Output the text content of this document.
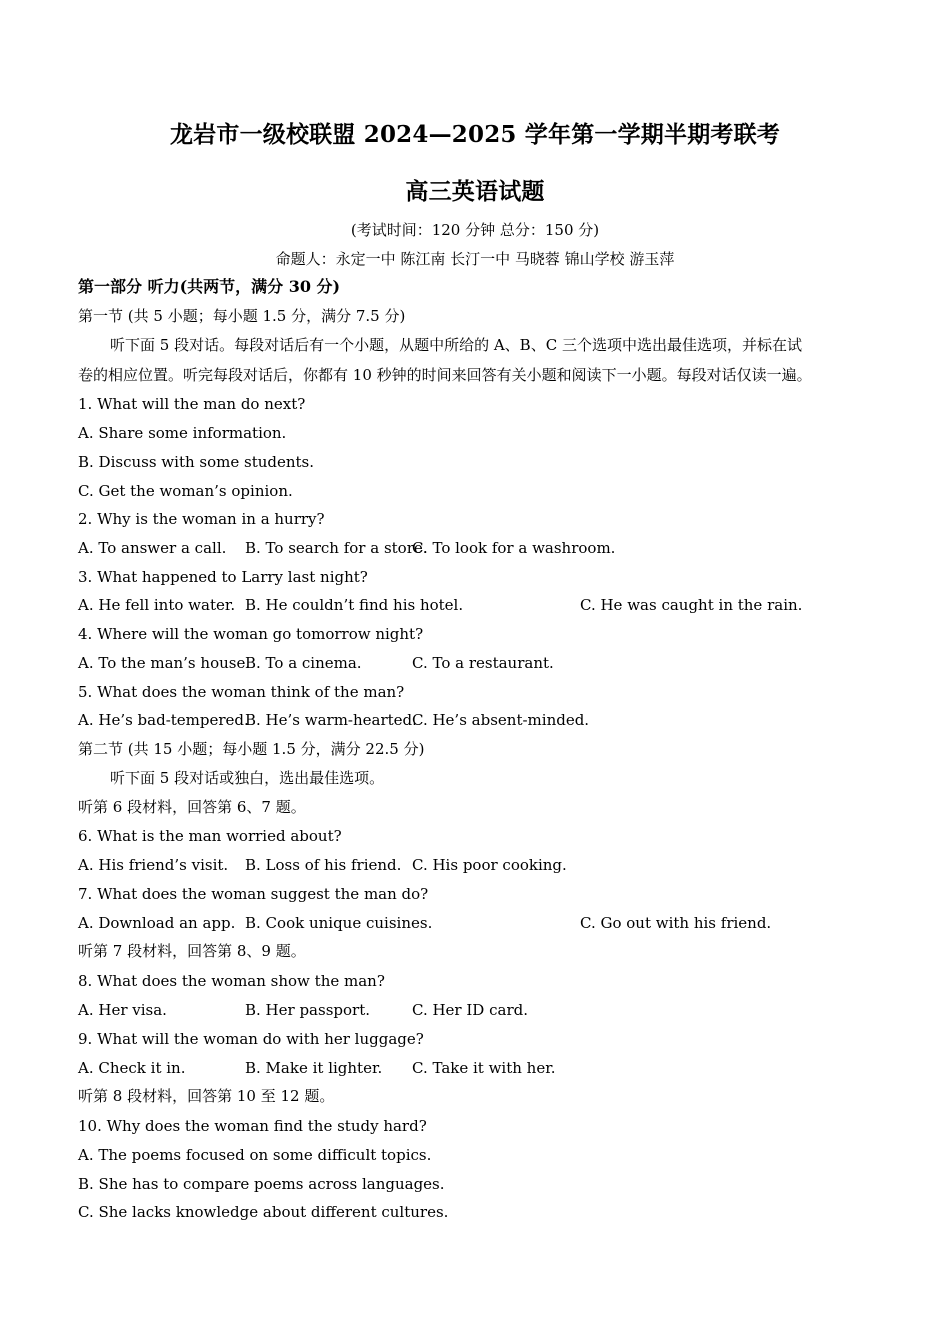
龙岩市一级校联盟 2024—2025 学年第一学期半期考联考
高三英语试题
(考试时间：120 分钟 总分：150 分)
命题人：永定一中 陈江南 长汀一中 马晓蓉 锦山学校 游玉萍
第一部分 听力(共两节，满分 30 分)
第一节 (共 5 小题；每小题 1.5 分，满分 7.5 分)
听下面 5 段对话。每段对话后有一个小题，从题中所给的 A、B、C 三个选项中选出最佳选项，并标在试
卷的相应位置。听完每段对话后，你都有 10 秒钟的时间来回答有关小题和阅读下一小题。每段对话仅读一遍。
1. What will the man do next?
A. Share some information.
B. Discuss with some students.
C. Get the woman’s opinion.
2. Why is the woman in a hurry?
A. To answer a call. B. To search for a store.
C. To look for a washroom.
3. What happened to Larry last night?
A. He fell into water. B. He couldn’t find his hotel.	C. He was caught in the rain.
4. Where will the woman go tomorrow night?
A. To the man’s house.
B. To a cinema.	C. To a restaurant.
5. What does the woman think of the man?
A. He’s bad-tempered.
B. He’s warm-hearted.
C. He’s absent-minded.
第二节 (共 15 小题；每小题 1.5 分，满分 22.5 分)
听下面 5 段对话或独白，选出最佳选项。
听第 6 段材料，回答第 6、7 题。
6. What is the man worried about?
A. His friend’s visit. B. Loss of his friend. C. His poor cooking.
7. What does the woman suggest the man do?
A. Download an app. B. Cook unique cuisines.	C. Go out with his friend.
听第 7 段材料，回答第 8、9 题。
8. What does the woman show the man?
A. Her visa.	B. Her passport.	C. Her ID card.
9. What will the woman do with her luggage?
A. Check it in.	B. Make it lighter. C. Take it with her.
听第 8 段材料，回答第 10 至 12 题。
10. Why does the woman find the study hard?
A. The poems focused on some difficult topics.
B. She has to compare poems across languages.
C. She lacks knowledge about different cultures.
